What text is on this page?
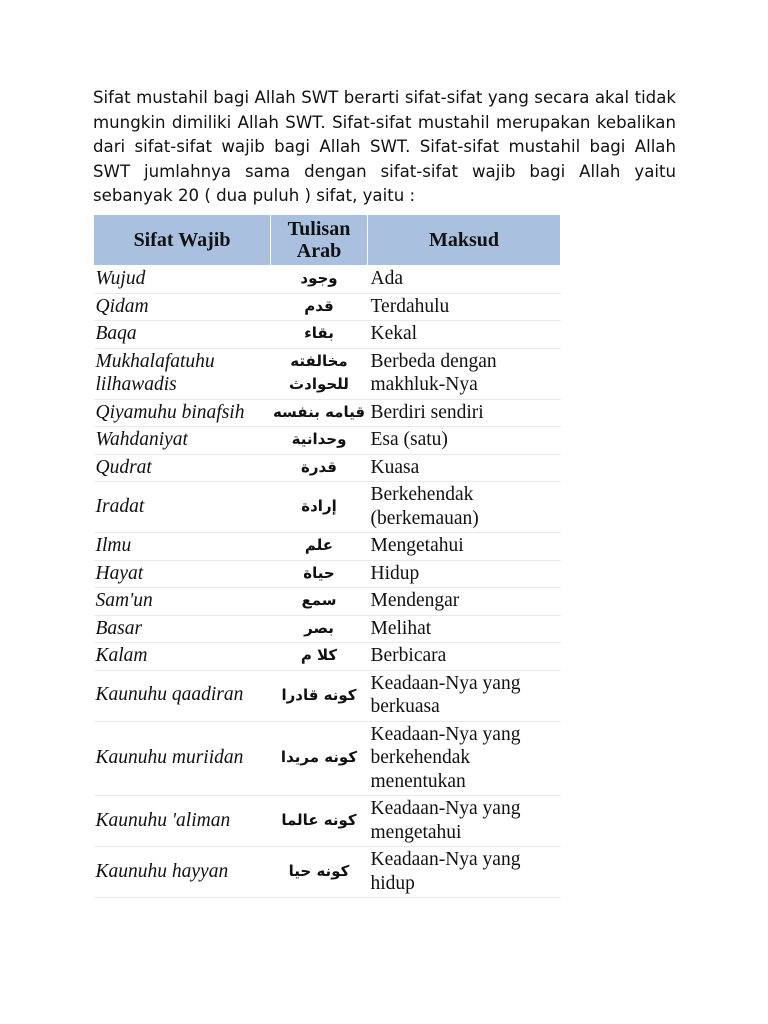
Sifat mustahil bagi Allah SWT berarti sifat-sifat yang secara akal tidak mungkin dimiliki Allah SWT. Sifat-sifat mustahil merupakan kebalikan dari sifat-sifat wajib bagi Allah SWT. Sifat-sifat mustahil bagi Allah SWT jumlahnya sama dengan sifat-sifat wajib bagi Allah yaitu sebanyak 20 ( dua puluh ) sifat, yaitu :

Sifat Wajib	Tulisan Arab	Maksud
Wujud	وجود	Ada
Qidam	قدم	Terdahulu
Baqa	بقاء	Kekal
Mukhalafatuhu lilhawadis	مخالفته للحوادث	Berbeda dengan makhluk-Nya
Qiyamuhu binafsih	قيامه بنفسه	Berdiri sendiri
Wahdaniyat	وحدانية	Esa (satu)
Qudrat	قدرة	Kuasa
Iradat	إرادة	Berkehendak (berkemauan)
Ilmu	علم	Mengetahui
Hayat	حياة	Hidup
Sam'un	سمع	Mendengar
Basar	بصر	Melihat
Kalam	كلا م	Berbicara
Kaunuhu qaadiran	كونه قادرا	Keadaan-Nya yang berkuasa
Kaunuhu muriidan	كونه مريدا	Keadaan-Nya yang berkehendak menentukan
Kaunuhu 'aliman	كونه عالما	Keadaan-Nya yang mengetahui
Kaunuhu hayyan	كونه حيا	Keadaan-Nya yang hidup
